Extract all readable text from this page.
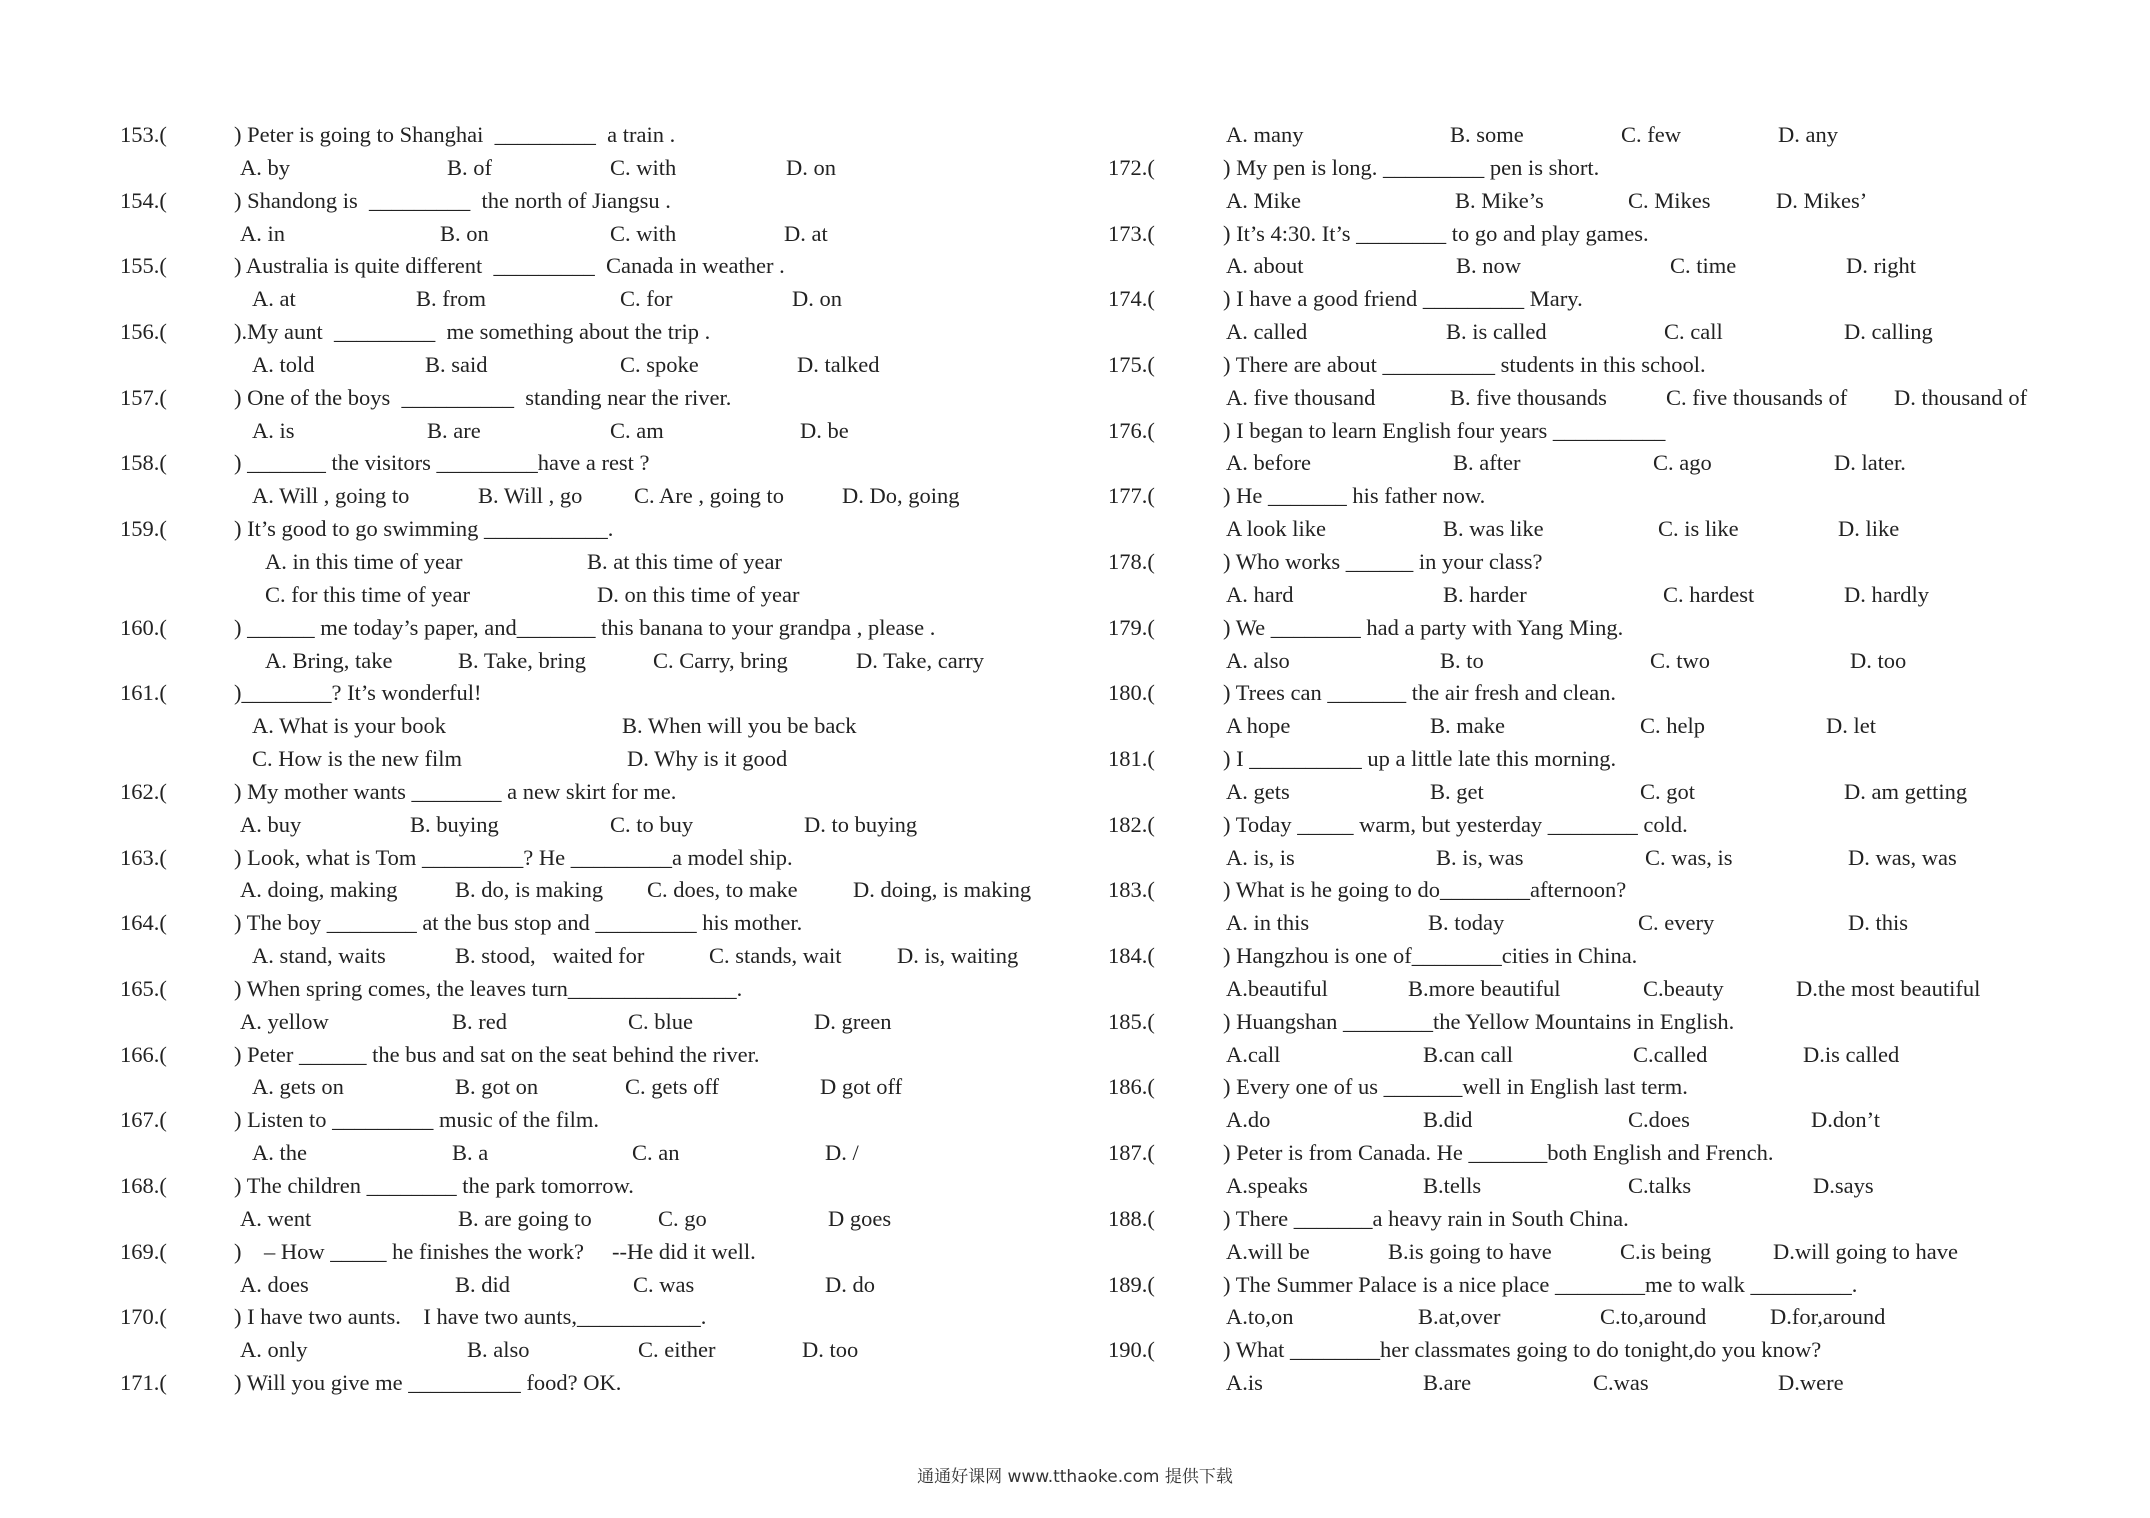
153.(	) Peter is going to Shanghai  _________  a train .
A. by	B. of	C. with	D. on
154.(	) Shandong is  _________  the north of Jiangsu .
A. in	B. on	C. with	D. at
155.(	) Australia is quite different  _________  Canada in weather .
A. at	B. from	C. for	D. on
156.(	).My aunt  _________  me something about the trip .
A. told	B. said	C. spoke	D. talked
157.(	) One of the boys  __________  standing near the river.
A. is	B. are	C. am	D. be
158.(	) _______ the visitors _________have a rest ?
A. Will , going to	B. Will , go C. Are , going to	D. Do, going
159.(	) It’s good to go swimming ___________.
A. in this time of year	B. at this time of year
C. for this time of year	D. on this time of year
160.(	) ______ me today’s paper, and_______ this banana to your grandpa , please .
A. Bring, take	B. Take, bring	C. Carry, bring	D. Take, carry
161.(	)________? It’s wonderful!
A. What is your book	B. When will you be back
C. How is the new film	D. Why is it good
162.(	) My mother wants ________ a new skirt for me.
A. buy	B. buying	C. to buy	D. to buying
163.(	) Look, what is Tom _________? He _________a model ship.
A. doing, making	B. do, is making C. does, to make D. doing, is making
164.(	) The boy ________ at the bus stop and _________ his mother.
A. stand, waits	B. stood,   waited for	C. stands, wait D. is, waiting
165.(	) When spring comes, the leaves turn_______________.
A. yellow	B. red	C. blue	D. green
166.(	) Peter ______ the bus and sat on the seat behind the river.
A. gets on	B. got on	C. gets off	D got off
167.(	) Listen to _________ music of the film.
A. the	B. a	C. an	D. /
168.(	) The children ________ the park tomorrow.
A. went	B. are going to	C. go	D goes
169.(	)    – How _____ he finishes the work?     --He did it well.
A. does	B. did	C. was	D. do
170.(	) I have two aunts.    I have two aunts,___________.
A. only	B. also	C. either	D. too
171.(	) Will you give me __________ food? OK.
A. many	B. some	C. few	D. any
172.(	) My pen is long. _________ pen is short.
A. Mike	B. Mike’s	C. Mikes	D. Mikes’
173.(	) It’s 4:30. It’s ________ to go and play games.
A. about	B. now	C. time	D. right
174.(	) I have a good friend _________ Mary.
A. called	B. is called	C. call	D. calling
175.(	) There are about __________ students in this school.
A. five thousand	B. five thousands	C. five thousands of D. thousand of
176.(	) I began to learn English four years __________
A. before	B. after	C. ago	D. later.
177.(	) He _______ his father now.
A look like	B. was like	C. is like	D. like
178.(	) Who works ______ in your class?
A. hard	B. harder	C. hardest	D. hardly
179.(	) We ________ had a party with Yang Ming.
A. also	B. to	C. two	D. too
180.(	) Trees can _______ the air fresh and clean.
A hope	B. make	C. help	D. let
181.(	) I __________ up a little late this morning.
A. gets	B. get	C. got	D. am getting
182.(	) Today _____ warm, but yesterday ________ cold.
A. is, is	B. is, was	C. was, is	D. was, was
183.(	) What is he going to do________afternoon?
A. in this	B. today	C. every	D. this
184.(	) Hangzhou is one of________cities in China.
A.beautiful	B.more beautiful	C.beauty	D.the most beautiful
185.(	) Huangshan ________the Yellow Mountains in English.
A.call	B.can call	C.called	D.is called
186.(	) Every one of us _______well in English last term.
A.do	B.did	C.does	D.don’t
187.(	) Peter is from Canada. He _______both English and French.
A.speaks	B.tells	C.talks	D.says
188.(	) There _______a heavy rain in South China.
A.will be	B.is going to have	C.is being	D.will going to have
189.(	) The Summer Palace is a nice place ________me to walk _________.
A.to,on	B.at,over	C.to,around	D.for,around
190.(	) What ________her classmates going to do tonight,do you know?
A.is	B.are	C.was	D.were
通通好课网 www.tthaoke.com 提供下载
